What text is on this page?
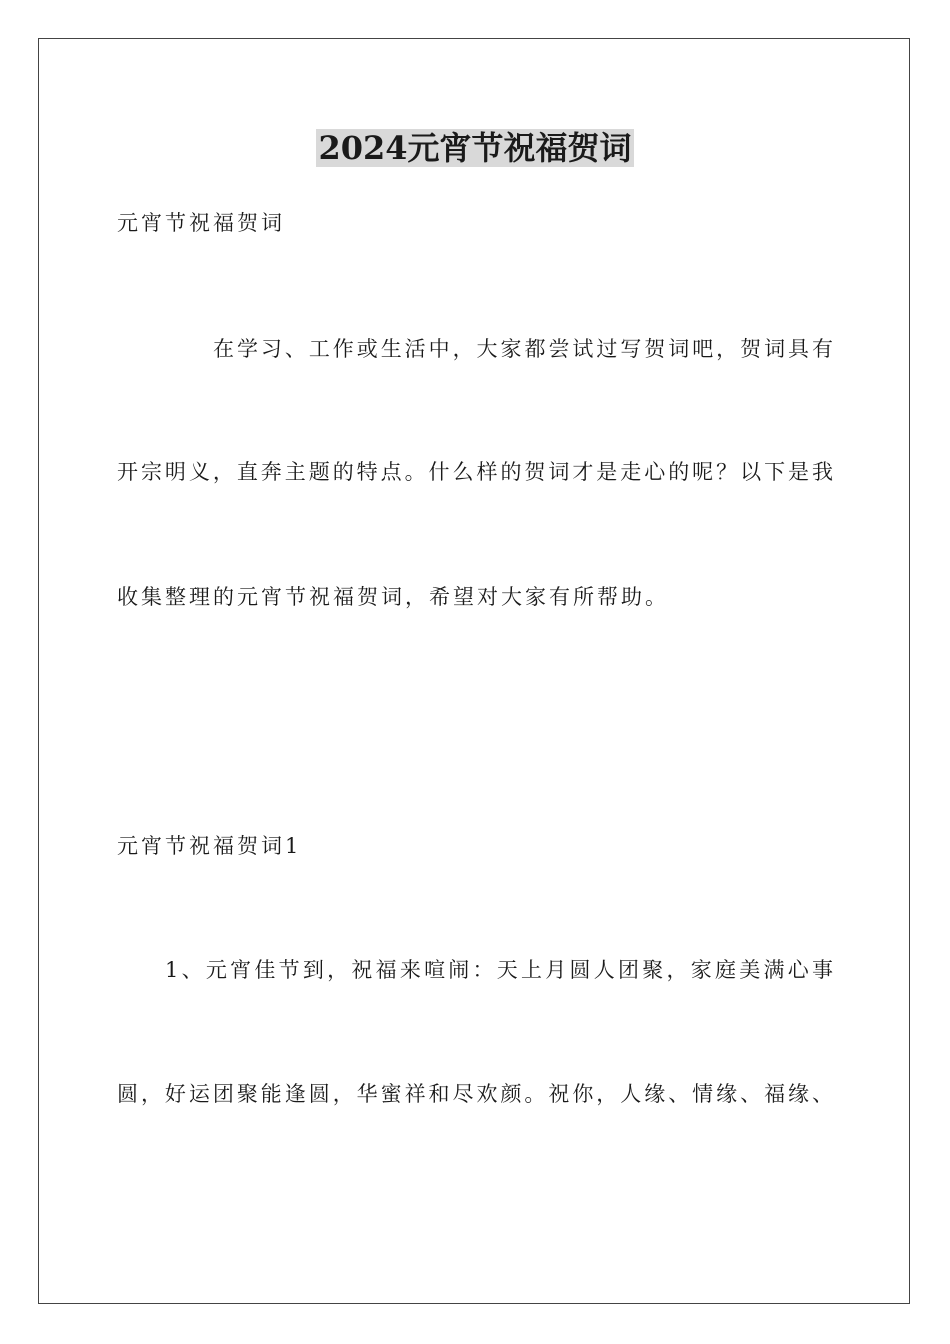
2024元宵节祝福贺词
元宵节祝福贺词
在学习、工作或生活中，大家都尝试过写贺词吧，贺词具有
开宗明义，直奔主题的特点。什么样的贺词才是走心的呢？以下是我
收集整理的元宵节祝福贺词，希望对大家有所帮助。
元宵节祝福贺词1
1、元宵佳节到，祝福来喧闹：天上月圆人团聚，家庭美满心事
圆，好运团聚能逢圆，华蜜祥和尽欢颜。祝你，人缘、情缘、福缘、
